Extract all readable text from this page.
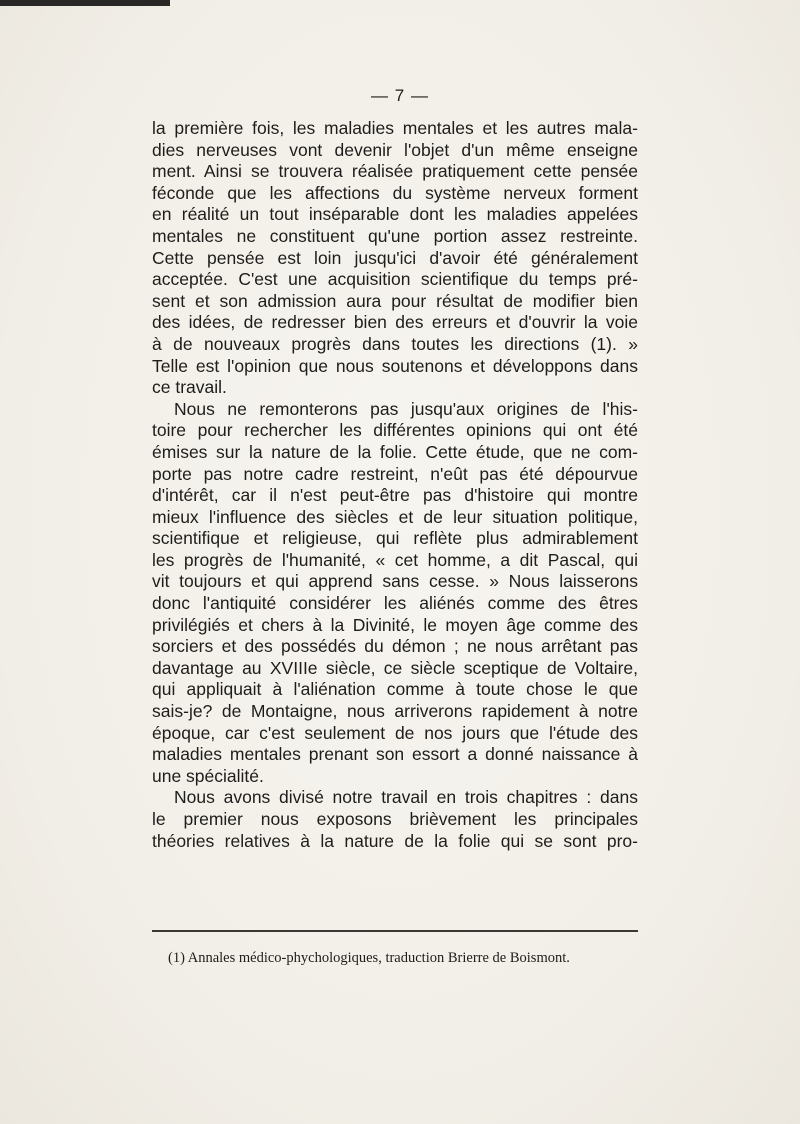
— 7 —
la première fois, les maladies mentales et les autres mala-
dies nerveuses vont devenir l'objet d'un même enseigne
ment. Ainsi se trouvera réalisée pratiquement cette pensée
féconde que les affections du système nerveux forment
en réalité un tout inséparable dont les maladies appelées
mentales ne constituent qu'une portion assez restreinte.
Cette pensée est loin jusqu'ici d'avoir été généralement
acceptée. C'est une acquisition scientifique du temps pré-
sent et son admission aura pour résultat de modifier bien
des idées, de redresser bien des erreurs et d'ouvrir la voie
à de nouveaux progrès dans toutes les directions (1). »
Telle est l'opinion que nous soutenons et développons dans
ce travail.
Nous ne remonterons pas jusqu'aux origines de l'his-
toire pour rechercher les différentes opinions qui ont été
émises sur la nature de la folie. Cette étude, que ne com-
porte pas notre cadre restreint, n'eût pas été dépourvue
d'intérêt, car il n'est peut-être pas d'histoire qui montre
mieux l'influence des siècles et de leur situation politique,
scientifique et religieuse, qui reflète plus admirablement
les progrès de l'humanité, « cet homme, a dit Pascal, qui
vit toujours et qui apprend sans cesse. » Nous laisserons
donc l'antiquité considérer les aliénés comme des êtres
privilégiés et chers à la Divinité, le moyen âge comme des
sorciers et des possédés du démon ; ne nous arrêtant pas
davantage au XVIIIe siècle, ce siècle sceptique de Voltaire,
qui appliquait à l'aliénation comme à toute chose le que
sais-je? de Montaigne, nous arriverons rapidement à notre
époque, car c'est seulement de nos jours que l'étude des
maladies mentales prenant son essort a donné naissance à
une spécialité.
Nous avons divisé notre travail en trois chapitres : dans
le premier nous exposons brièvement les principales
théories relatives à la nature de la folie qui se sont pro-
(1) Annales médico-phychologiques, traduction Brierre de Boismont.
